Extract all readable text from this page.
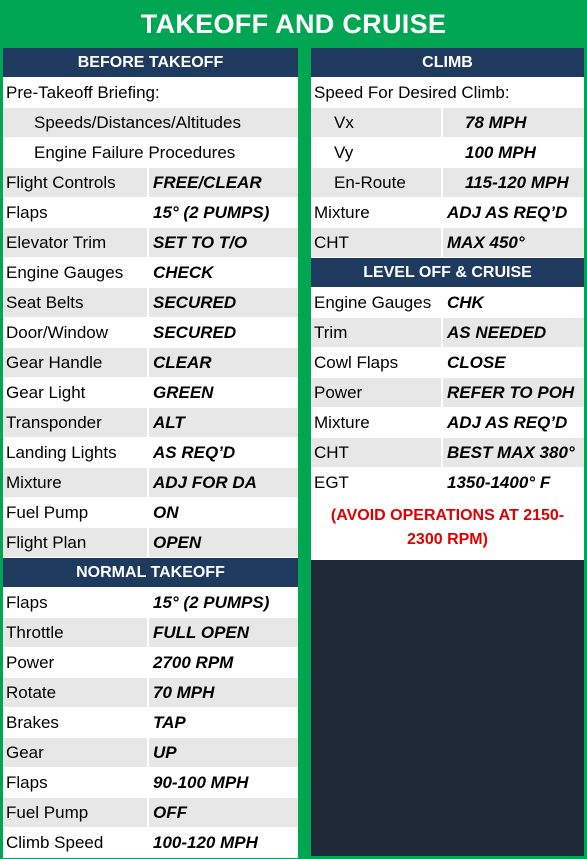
TAKEOFF AND CRUISE
BEFORE TAKEOFF
Pre-Takeoff Briefing:
Speeds/Distances/Altitudes
Engine Failure Procedures
Flight Controls	FREE/CLEAR
Flaps	15° (2 PUMPS)
Elevator Trim	SET TO T/O
Engine Gauges	CHECK
Seat Belts	SECURED
Door/Window	SECURED
Gear Handle	CLEAR
Gear Light	GREEN
Transponder	ALT
Landing Lights	AS REQ’D
Mixture	ADJ FOR DA
Fuel Pump	ON
Flight Plan	OPEN
NORMAL TAKEOFF
Flaps	15° (2 PUMPS)
Throttle	FULL OPEN
Power	2700 RPM
Rotate	70 MPH
Brakes	TAP
Gear	UP
Flaps	90-100 MPH
Fuel Pump	OFF
Climb Speed	100-120 MPH
CLIMB
Speed For Desired Climb:
Vx	78 MPH
Vy	100 MPH
En-Route	115-120 MPH
Mixture	ADJ AS REQ’D
CHT	MAX 450°
LEVEL OFF & CRUISE
Engine Gauges CHK
Trim	AS NEEDED
Cowl Flaps	CLOSE
Power	REFER TO POH
Mixture	ADJ AS REQ’D
CHT	BEST MAX 380°
EGT	1350-1400° F
(AVOID OPERATIONS AT 2150-2300 RPM)
